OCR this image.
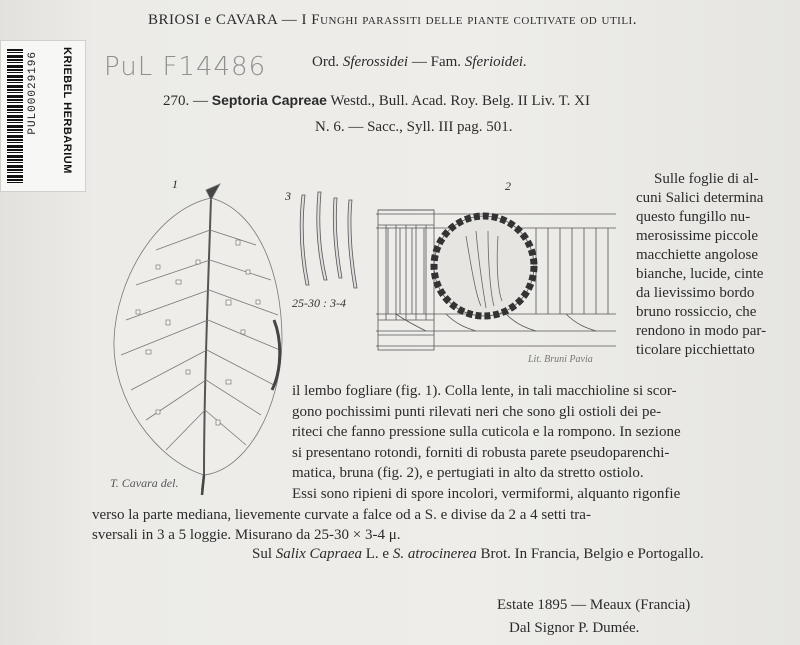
PUL00029196 KRIEBEL HERBARIUM PuL F14486
BRIOSI e CAVARA — I Funghi parassiti delle piante coltivate od utili.
Ord. Sferossidei — Fam. Sferioidei.
270. — Septoria Capreae Westd., Bull. Acad. Roy. Belg. II Liv. T. XI
N. 6. — Sacc., Syll. III pag. 501.
1	2
3
25-30 : 3-4
T. Cavara del.
Lit. Bruni Pavia
Sulle foglie di al-
cuni Salici determina
questo fungillo nu-
merosissime piccole
macchiette angolose
bianche, lucide, cinte
da lievissimo bordo
bruno rossiccio, che
rendono in modo par-
ticolare picchiettato
il lembo fogliare (fig. 1). Colla lente, in tali macchioline si scor-
gono pochissimi punti rilevati neri che sono gli ostioli dei pe-
riteci che fanno pressione sulla cuticola e la rompono. In sezione
si presentano rotondi, forniti di robusta parete pseudoparenchi-
matica, bruna (fig. 2), e pertugiati in alto da stretto ostiolo.
Essi sono ripieni di spore incolori, vermiformi, alquanto rigonfie
verso la parte mediana, lievemente curvate a falce od a S. e divise da 2 a 4 setti tra-
sversali in 3 a 5 loggie. Misurano da 25-30 × 3-4 μ.
Sul Salix Capraea L. e S. atrocinerea Brot. In Francia, Belgio e Portogallo.
Estate 1895 — Meaux (Francia)
Dal Signor P. Dumée.
